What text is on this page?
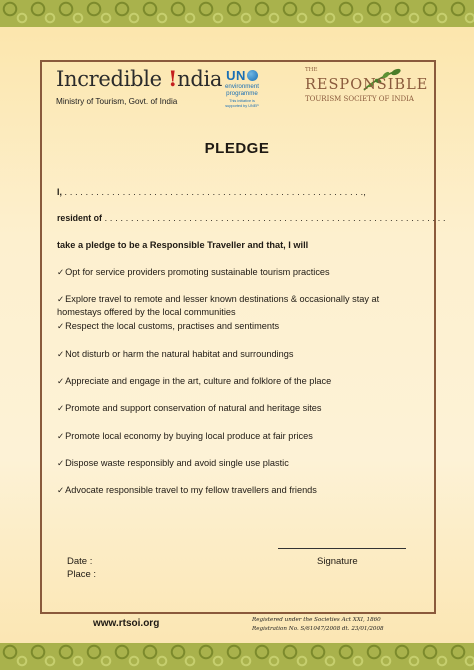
Incredible !ndia
Ministry of Tourism, Govt. of India
UN
environment
programme
This initiative is
supported by UNEP
THE
RESPONSIBLE
TOURISM SOCIETY OF INDIA
PLEDGE
I, . . . . . . . . . . . . . . . . . . . . . . . . . . . . . . . . . . . . . . . . . . . . . . . . . . . . . . . . .,
resident of . . . . . . . . . . . . . . . . . . . . . . . . . . . . . . . . . . . . . . . . . . . . . . . . . . . . . . . . . . . . . . . . .
take a pledge to be a Responsible Traveller and that, I will
✓Opt for service providers promoting sustainable tourism practices
✓Explore travel to remote and lesser known destinations & occasionally stay at homestays offered by the local communities
✓Respect the local customs, practises and sentiments
✓Not disturb or harm the natural habitat and surroundings
✓Appreciate and engage in the art, culture and folklore of the place
✓Promote and support conservation of natural and heritage sites
✓Promote local economy by buying local produce at fair prices
✓Dispose waste responsibly and avoid single use plastic
✓Advocate responsible travel to my fellow travellers and friends
Date :
Place :
Signature
www.rtsoi.org	Registered under the Societies Act XXI, 1860
Registration No. S/61047/2008 dt. 23/01/2008
